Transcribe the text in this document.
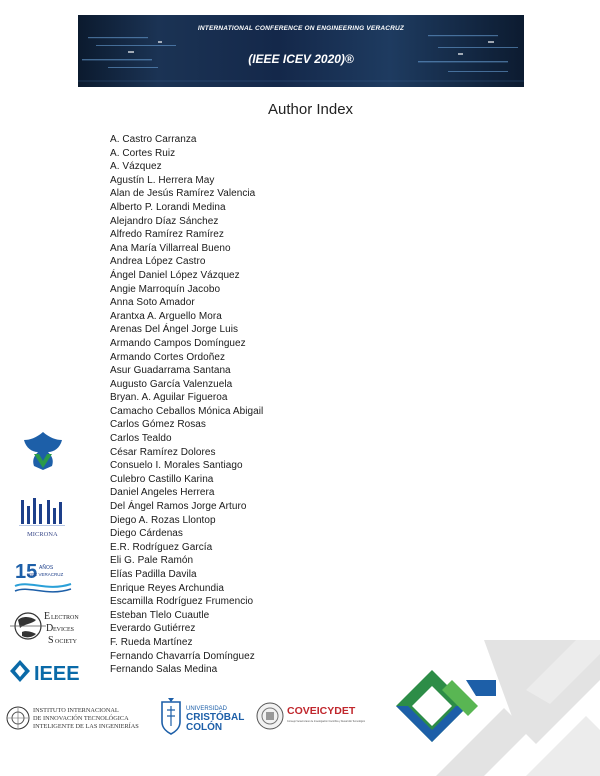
INTERNATIONAL CONFERENCE ON ENGINEERING VERACRUZ
(IEEE ICEV 2020)®
Author Index
A. Castro Carranza
A. Cortes Ruiz
A. Vázquez
Agustín L. Herrera May
Alan de Jesús Ramírez Valencia
Alberto P. Lorandi Medina
Alejandro Díaz Sánchez
Alfredo Ramírez Ramírez
Ana María Villarreal Bueno
Andrea López Castro
Ángel Daniel López Vázquez
Angie Marroquín Jacobo
Anna Soto Amador
Arantxa A. Arguello Mora
Arenas Del Ángel Jorge Luis
Armando Campos Domínguez
Armando Cortes Ordoñez
Asur Guadarrama Santana
Augusto García Valenzuela
Bryan. A. Aguilar Figueroa
Camacho Ceballos Mónica Abigail
Carlos Gómez Rosas
Carlos Tealdo
César Ramírez Dolores
Consuelo I. Morales Santiago
Culebro Castillo Karina
Daniel Angeles Herrera
Del Ángel Ramos Jorge Arturo
Diego A. Rozas Llontop
Diego Cárdenas
E.R. Rodríguez García
Eli G. Pale Ramón
Elías Padilla Davila
Enrique Reyes Archundia
Escamilla Rodríguez Frumencio
Esteban Tlelo Cuautle
Everardo Gutiérrez
F. Rueda Martínez
Fernando Chavarría Domínguez
Fernando Salas Medina
MICRONA
15 AÑOS
IEEE VERACRUZ
E LECTRON
D EVICES
S OCIETY
IEEE
INSTITUTO INTERNACIONAL
DE INNOVACIÓN TECNOLÓGICA
INTELIGENTE DE LAS INGENIERÍAS
UNIVERSIDAD
CRISTÓBAL
COLÓN
COVEICYDET
Consejo Veracruzano de Investigación Científica y Desarrollo Tecnológico
